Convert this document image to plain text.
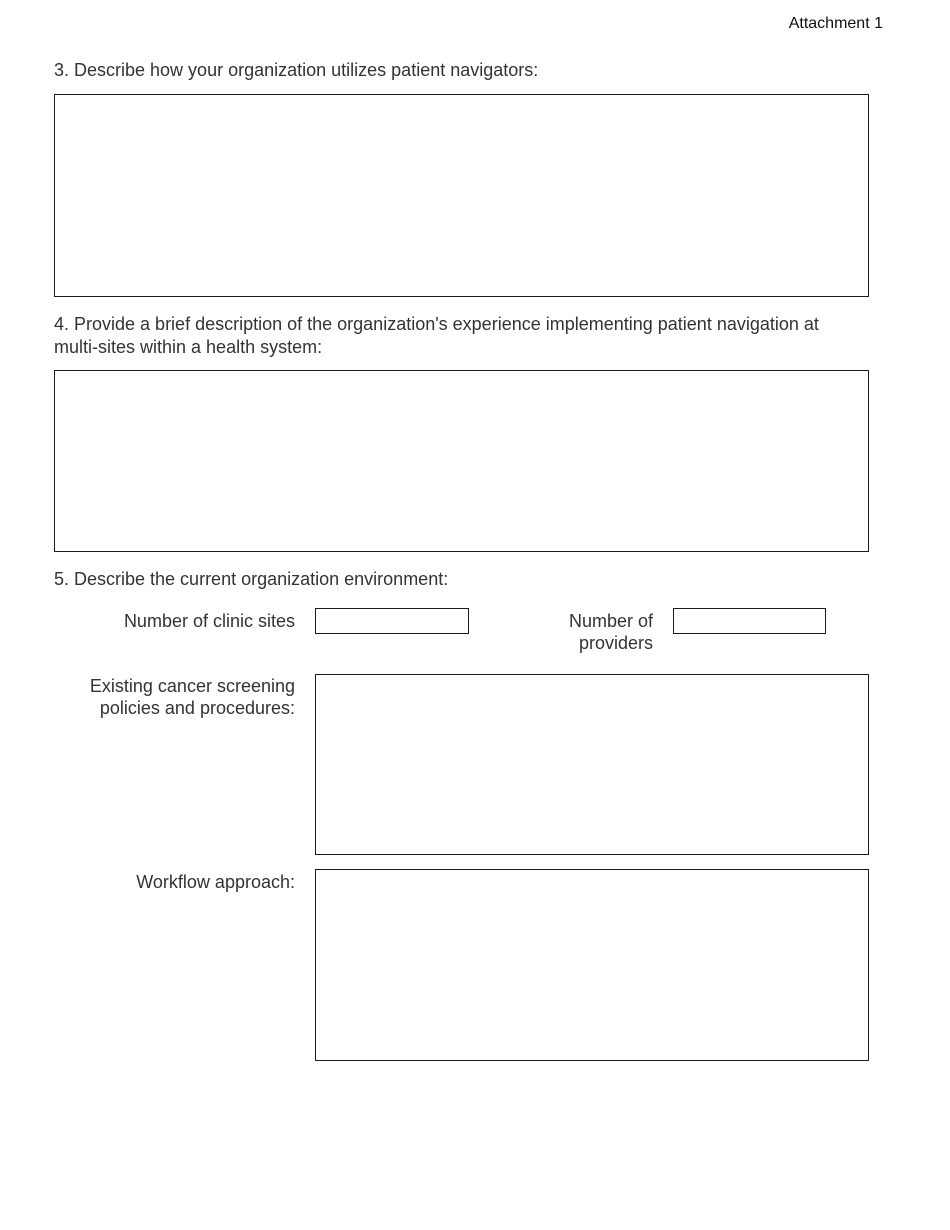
Attachment 1
3. Describe how your organization utilizes patient navigators:
4. Provide a brief description of the organization's experience implementing patient navigation at
multi-sites within a health system:
5. Describe the current organization environment:
Number of clinic sites	Number of
providers
Existing cancer screening
policies and procedures:
Workflow approach:
